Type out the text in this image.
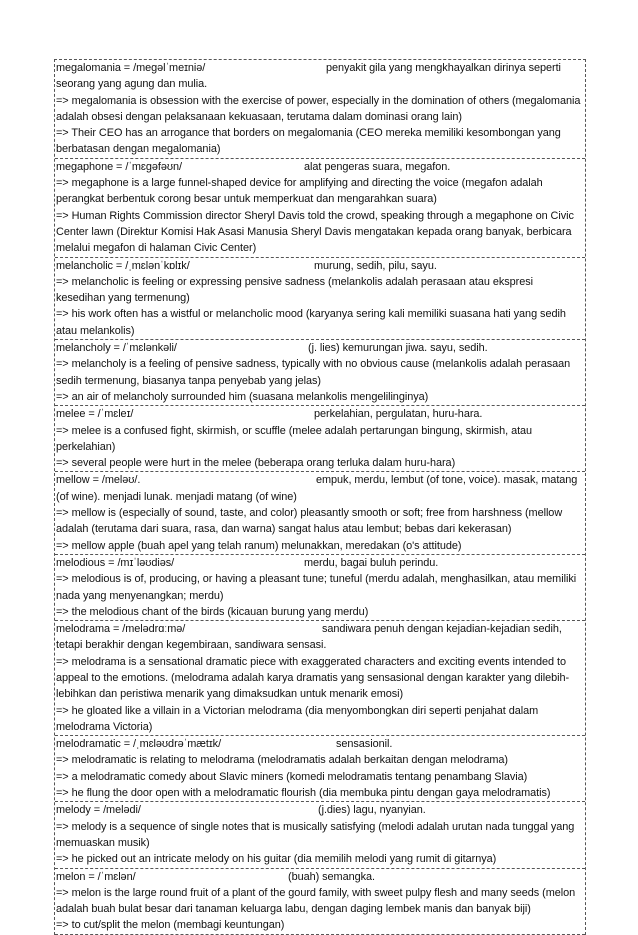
megalomania = /megəlˈmeɪniə/	penyakit gila yang mengkhayalkan dirinya seperti seorang yang agung dan mulia.
=> megalomania is obsession with the exercise of power, especially in the domination of others (megalomania adalah obsesi dengan pelaksanaan kekuasaan, terutama dalam dominasi orang lain)
=> Their CEO has an arrogance that borders on megalomania (CEO mereka memiliki kesombongan yang berbatasan dengan megalomania)
megaphone = /ˈmɛɡəfəʊn/	alat pengeras suara, megafon.
=> megaphone is a large funnel-shaped device for amplifying and directing the voice (megafon adalah perangkat berbentuk corong besar untuk memperkuat dan mengarahkan suara)
=> Human Rights Commission director Sheryl Davis told the crowd, speaking through a megaphone on Civic Center lawn (Direktur Komisi Hak Asasi Manusia Sheryl Davis mengatakan kepada orang banyak, berbicara melalui megafon di halaman Civic Center)
melancholic = /ˌmɛlənˈkɒlɪk/	murung, sedih, pilu, sayu.
=> melancholic is feeling or expressing pensive sadness (melankolis adalah perasaan atau ekspresi kesedihan yang termenung)
=> his work often has a wistful or melancholic mood (karyanya sering kali memiliki suasana hati yang sedih atau melankolis)
melancholy = /ˈmɛlənkəli/	(j. lies) kemurungan jiwa. sayu, sedih.
=> melancholy is a feeling of pensive sadness, typically with no obvious cause (melankolis adalah perasaan sedih termenung, biasanya tanpa penyebab yang jelas)
=> an air of melancholy surrounded him (suasana melankolis mengelilinginya)
melee = /ˈmɛleɪ/	perkelahian, pergulatan, huru-hara.
=> melee is a confused fight, skirmish, or scuffle (melee adalah pertarungan bingung, skirmish, atau perkelahian)
=> several people were hurt in the melee (beberapa orang terluka dalam huru-hara)
mellow = /meləʊ/.	empuk, merdu, lembut (of tone, voice). masak, matang (of wine). menjadi lunak. menjadi matang (of wine)
=> mellow is (especially of sound, taste, and color) pleasantly smooth or soft; free from harshness (mellow adalah (terutama dari suara, rasa, dan warna) sangat halus atau lembut; bebas dari kekerasan)
=> mellow apple (buah apel yang telah ranum) melunakkan, meredakan (o's attitude)
melodious = /mɪˈləʊdiəs/	merdu, bagai buluh perindu.
=> melodious is of, producing, or having a pleasant tune; tuneful (merdu adalah, menghasilkan, atau memiliki nada yang menyenangkan; merdu)
=> the melodious chant of the birds (kicauan burung yang merdu)
melodrama = /melədrɑːmə/	sandiwara penuh dengan kejadian-kejadian sedih, tetapi berakhir dengan kegembiraan, sandiwara sensasi.
=> melodrama is a sensational dramatic piece with exaggerated characters and exciting events intended to appeal to the emotions. (melodrama adalah karya dramatis yang sensasional dengan karakter yang dilebih-lebihkan dan peristiwa menarik yang dimaksudkan untuk menarik emosi)
=> he gloated like a villain in a Victorian melodrama (dia menyombongkan diri seperti penjahat dalam melodrama Victoria)
melodramatic = /ˌmɛləʊdrəˈmætɪk/	sensasionil.
=> melodramatic is relating to melodrama (melodramatis adalah berkaitan dengan melodrama)
=> a melodramatic comedy about Slavic miners (komedi melodramatis tentang penambang Slavia)
=> he flung the door open with a melodramatic flourish (dia membuka pintu dengan gaya melodramatis)
melody = /melədi/	(j.dies) lagu, nyanyian.
=> melody is a sequence of single notes that is musically satisfying (melodi adalah urutan nada tunggal yang memuaskan musik)
=> he picked out an intricate melody on his guitar (dia memilih melodi yang rumit di gitarnya)
melon = /ˈmɛlən/	(buah) semangka.
=> melon is the large round fruit of a plant of the gourd family, with sweet pulpy flesh and many seeds (melon adalah buah bulat besar dari tanaman keluarga labu, dengan daging lembek manis dan banyak biji)
=> to cut/split the melon (membagi keuntungan)
